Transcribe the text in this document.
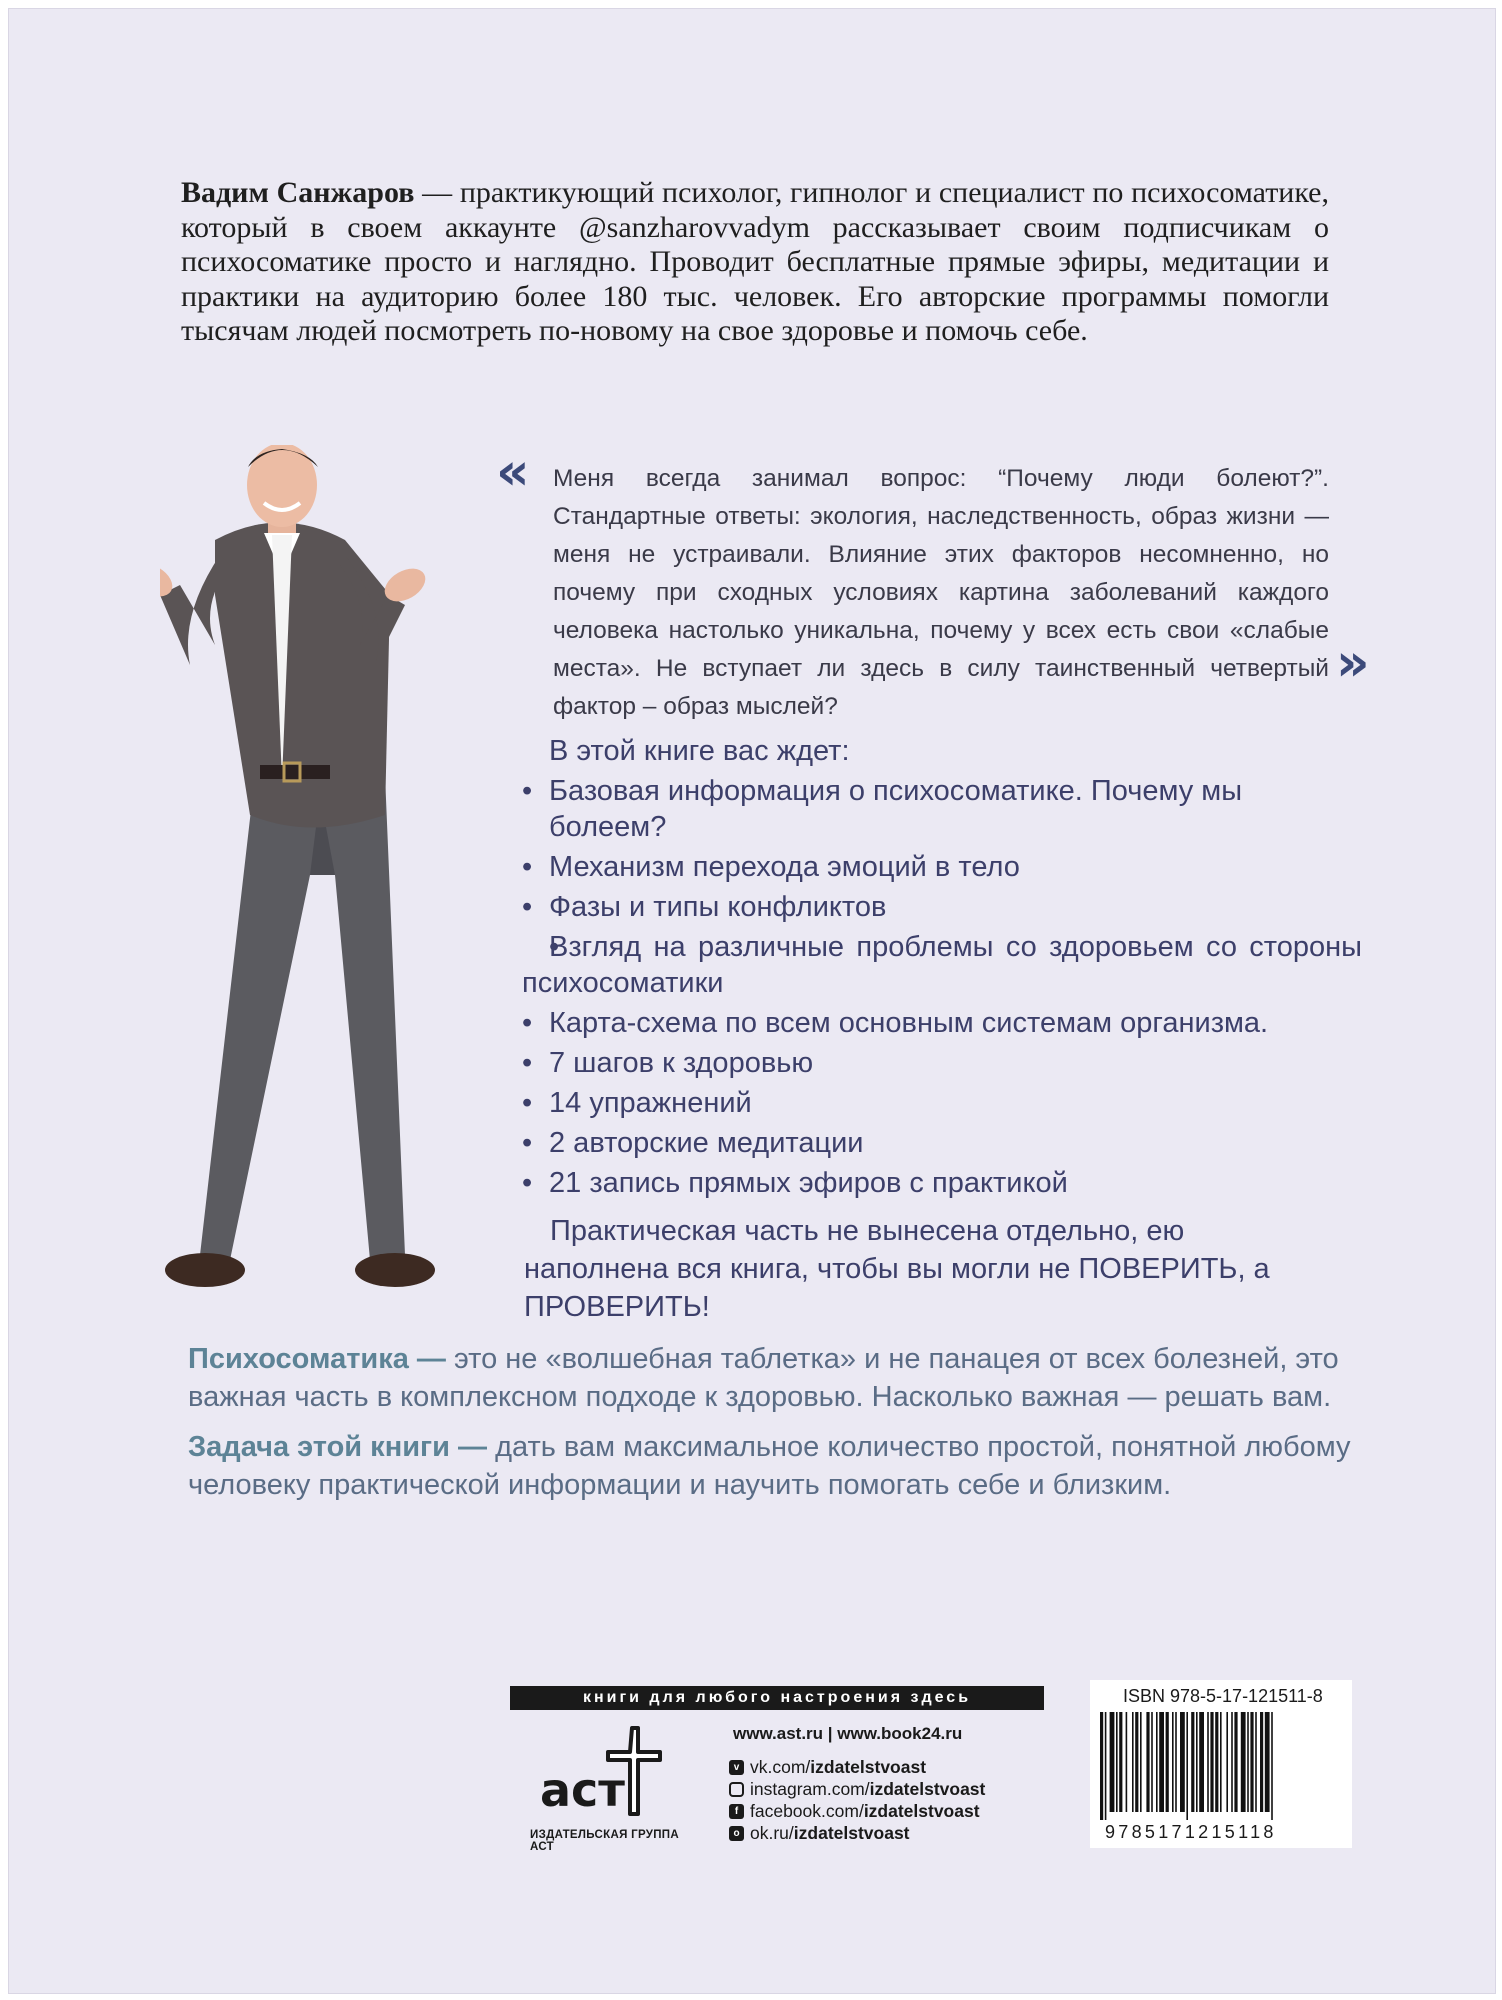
Вадим Санжаров — практикующий психолог, гипнолог и специалист по психосоматике, который в своем аккаунте @sanzharovvadym рассказывает своим подписчикам о психосоматике просто и наглядно. Проводит бесплатные прямые эфиры, медитации и практики на аудиторию более 180 тыс. человек. Его авторские программы помогли тысячам людей посмотреть по-новому на свое здоровье и помочь себе.

« Меня всегда занимал вопрос: “Почему люди болеют?”. Стандартные ответы: экология, наследственность, образ жизни — меня не устраивали. Влияние этих факторов несомненно, но почему при сходных условиях картина заболеваний каждого человека настолько уникальна, почему у всех есть свои «слабые места». Не вступает ли здесь в силу таинственный четвертый фактор – образ мыслей?

»

В этой книге вас ждет:

• Базовая информация о психосоматике. Почему мы болеем?
• Механизм перехода эмоций в тело
• Фазы и типы конфликтов
• Взгляд на различные проблемы со здоровьем со стороны психосоматики
• Карта-схема по всем основным системам организма.
• 7 шагов к здоровью
• 14 упражнений
• 2 авторские медитации
• 21 запись прямых эфиров с практикой

Практическая часть не вынесена отдельно, ею наполнена вся книга, чтобы вы могли не ПОВЕРИТЬ, а ПРОВЕРИТЬ!

Психосоматика — это не «волшебная таблетка» и не панацея от всех болезней, это важная часть в комплексном подходе к здоровью. Насколько важная — решать вам.

Задача этой книги — дать вам максимальное количество простой, понятной любому человеку практической информации и научить помогать себе и близким.

книги для любого настроения здесь
аст
ИЗДАТЕЛЬСКАЯ ГРУППА АСТ
www.ast.ru | www.book24.ru
v vk.com/ izdatelstvoast
instagram.com/ izdatelstvoast
f facebook.com/ izdatelstvoast
o ok.ru/ izdatelstvoast
ISBN 978-5-17-121511-8
9785171215118
